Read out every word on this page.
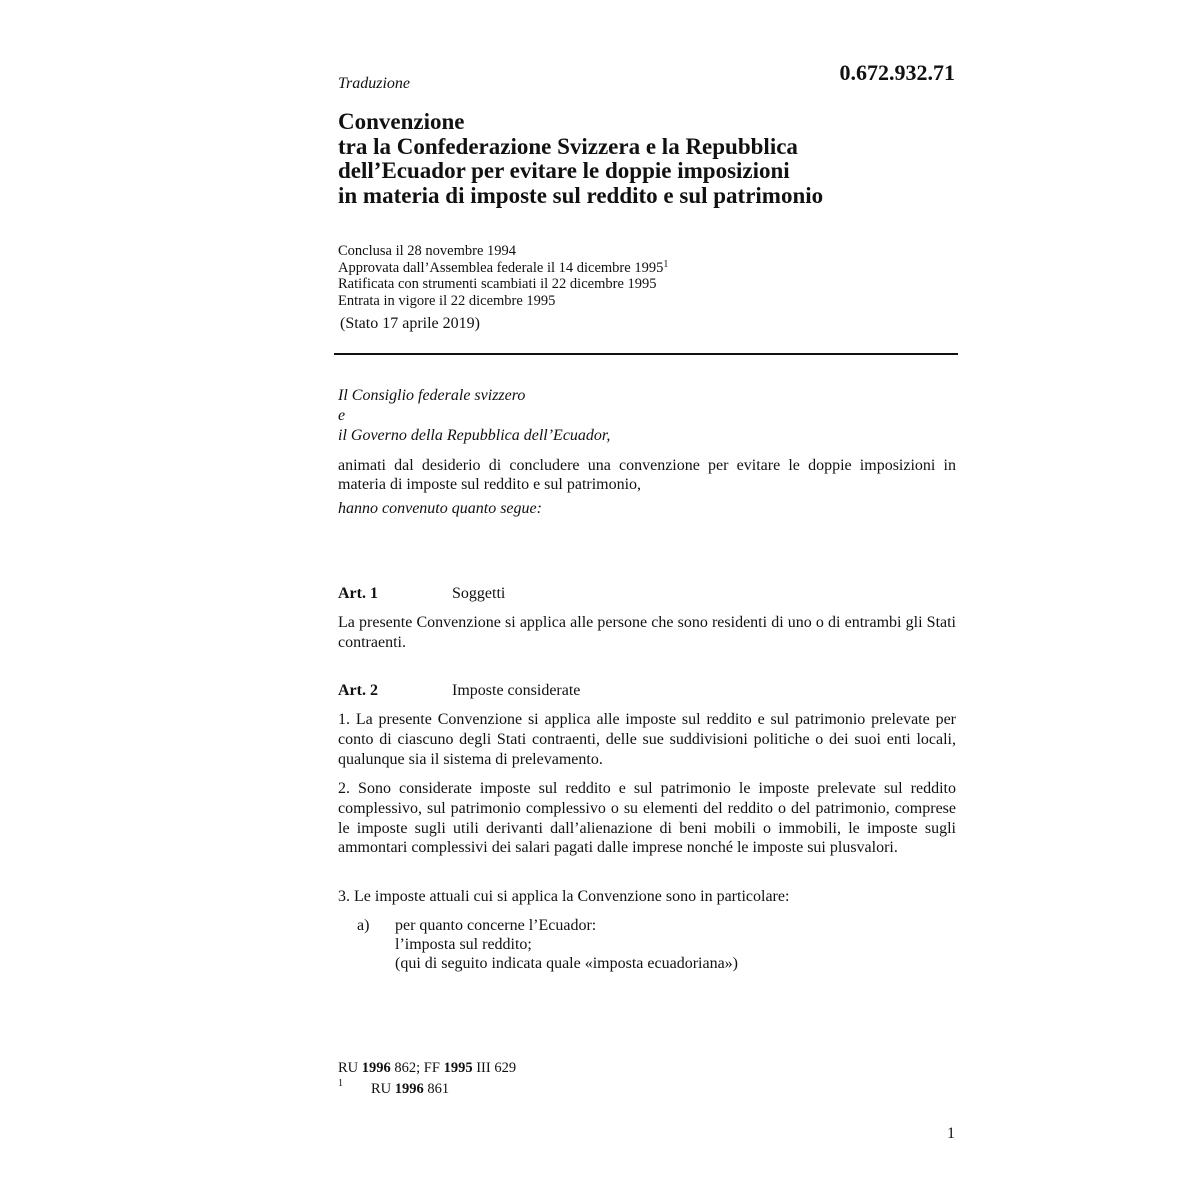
0.672.932.71
Traduzione
Convenzione
tra la Confederazione Svizzera e la Repubblica
dell’Ecuador per evitare le doppie imposizioni
in materia di imposte sul reddito e sul patrimonio
Conclusa il 28 novembre 1994
Approvata dall’Assemblea federale il 14 dicembre 1995$^1$
Ratificata con strumenti scambiati il 22 dicembre 1995
Entrata in vigore il 22 dicembre 1995
(Stato 17 aprile 2019)
Il Consiglio federale svizzero
e
il Governo della Repubblica dell’Ecuador,
animati dal desiderio di concludere una convenzione per evitare le doppie imposizioni in materia di imposte sul reddito e sul patrimonio,
hanno convenuto quanto segue:
Art. 1	Soggetti
La presente Convenzione si applica alle persone che sono residenti di uno o di entrambi gli Stati contraenti.
Art. 2	Imposte considerate
1. La presente Convenzione si applica alle imposte sul reddito e sul patrimonio prelevate per conto di ciascuno degli Stati contraenti, delle sue suddivisioni politiche o dei suoi enti locali, qualunque sia il sistema di prelevamento.
2. Sono considerate imposte sul reddito e sul patrimonio le imposte prelevate sul reddito complessivo, sul patrimonio complessivo o su elementi del reddito o del patrimonio, comprese le imposte sugli utili derivanti dall’alienazione di beni mobili o immobili, le imposte sugli ammontari complessivi dei salari pagati dalle imprese nonché le imposte sui plusvalori.
3. Le imposte attuali cui si applica la Convenzione sono in particolare:
a) per quanto concerne l’Ecuador:
l’imposta sul reddito;
(qui di seguito indicata quale «imposta ecuadoriana»)
RU 1996 862; FF 1995 III 629
1 RU 1996 861
1
